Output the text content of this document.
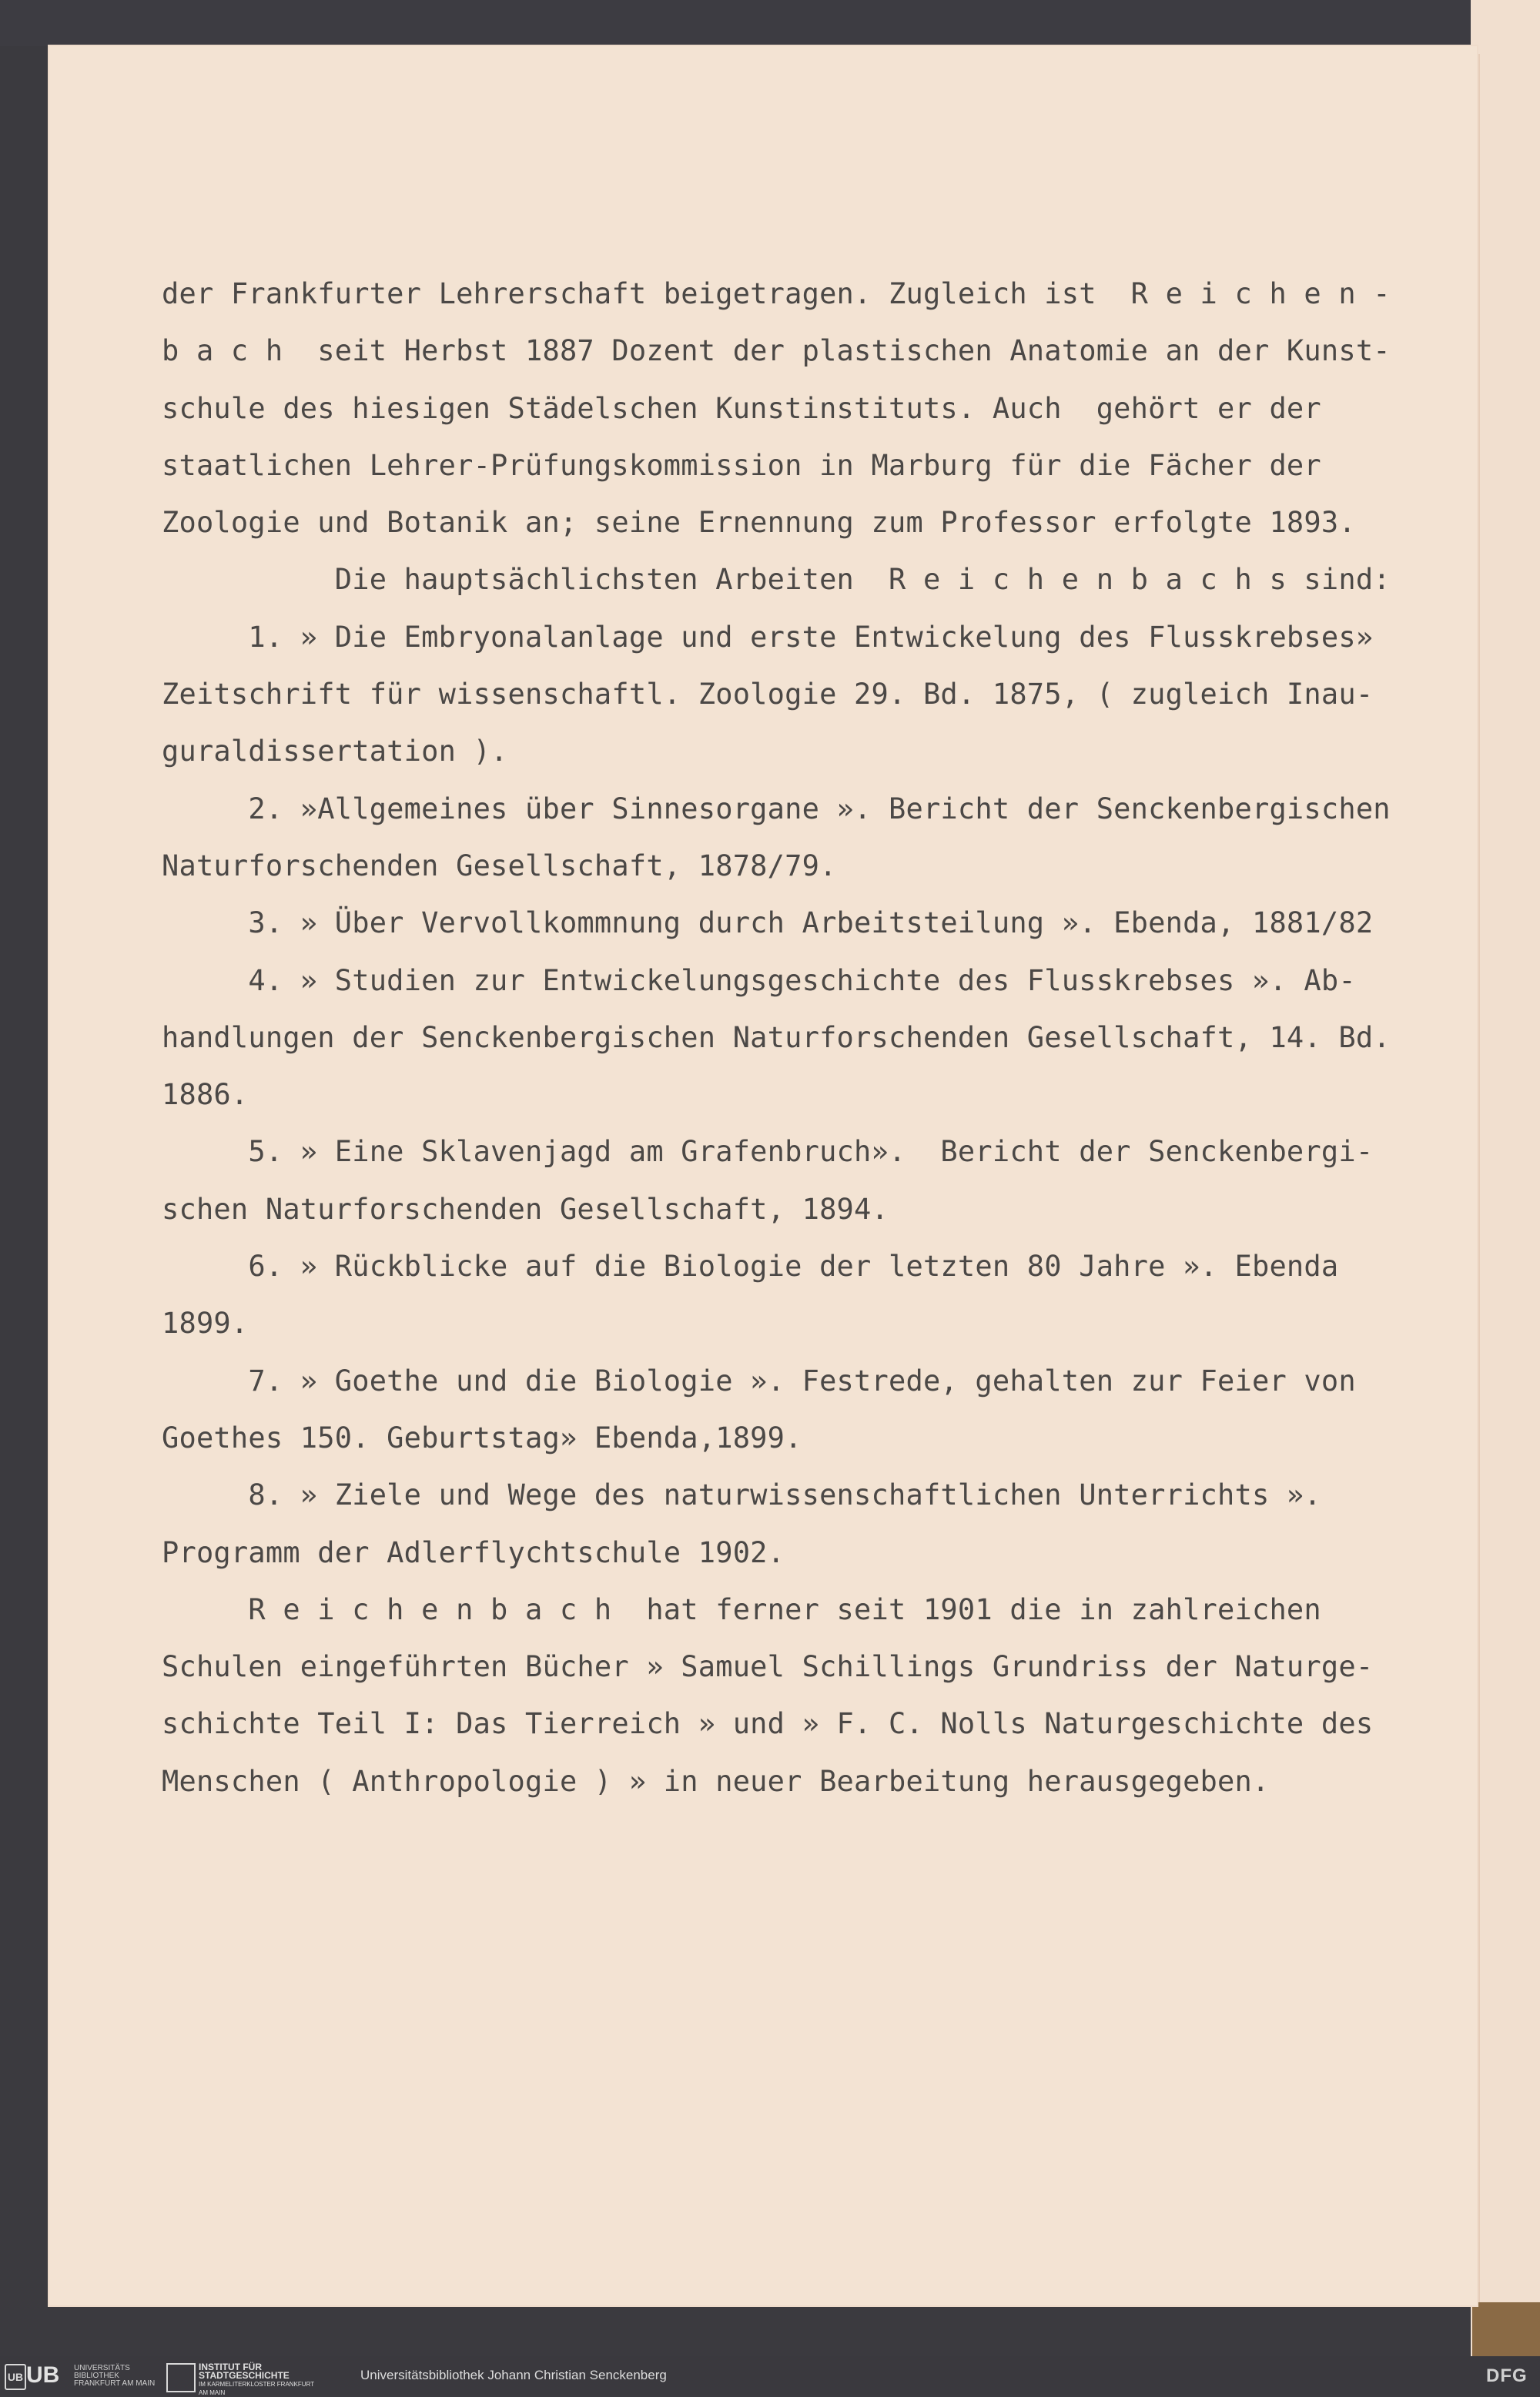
der Frankfurter Lehrerschaft beigetragen. Zugleich ist  R e i c h e n -
b a c h  seit Herbst 1887 Dozent der plastischen Anatomie an der Kunst-
schule des hiesigen Städelschen Kunstinstituts. Auch  gehört er der
staatlichen Lehrer-Prüfungskommission in Marburg für die Fächer der
Zoologie und Botanik an; seine Ernennung zum Professor erfolgte 1893.
Die hauptsächlichsten Arbeiten  R e i c h e n b a c h s sind:
1. » Die Embryonalanlage und erste Entwickelung des Flusskrebses»
Zeitschrift für wissenschaftl. Zoologie 29. Bd. 1875, ( zugleich Inau-
guraldissertation ).
2. »Allgemeines über Sinnesorgane ». Bericht der Senckenbergischen
Naturforschenden Gesellschaft, 1878/79.
3. » Über Vervollkommnung durch Arbeitsteilung ». Ebenda, 1881/82
4. » Studien zur Entwickelungsgeschichte des Flusskrebses ». Ab-
handlungen der Senckenbergischen Naturforschenden Gesellschaft, 14. Bd.
1886.
5. » Eine Sklavenjagd am Grafenbruch».  Bericht der Senckenbergi-
schen Naturforschenden Gesellschaft, 1894.
6. » Rückblicke auf die Biologie der letzten 80 Jahre ». Ebenda
1899.
7. » Goethe und die Biologie ». Festrede, gehalten zur Feier von
Goethes 150. Geburtstag» Ebenda,1899.
8. » Ziele und Wege des naturwissenschaftlichen Unterrichts ».
Programm der Adlerflychtschule 1902.
R e i c h e n b a c h  hat ferner seit 1901 die in zahlreichen
Schulen eingeführten Bücher » Samuel Schillings Grundriss der Naturge-
schichte Teil I: Das Tierreich » und » F. C. Nolls Naturgeschichte des
Menschen ( Anthropologie ) » in neuer Bearbeitung herausgegeben.
UB UB UNIVERSITÄTS BIBLIOTHEK FRANKFURT AM MAIN
INSTITUT FÜR STADTGESCHICHTE
IM KARMELITERKLOSTER FRANKFURT AM MAIN
Universitätsbibliothek Johann Christian Senckenberg	DFG
